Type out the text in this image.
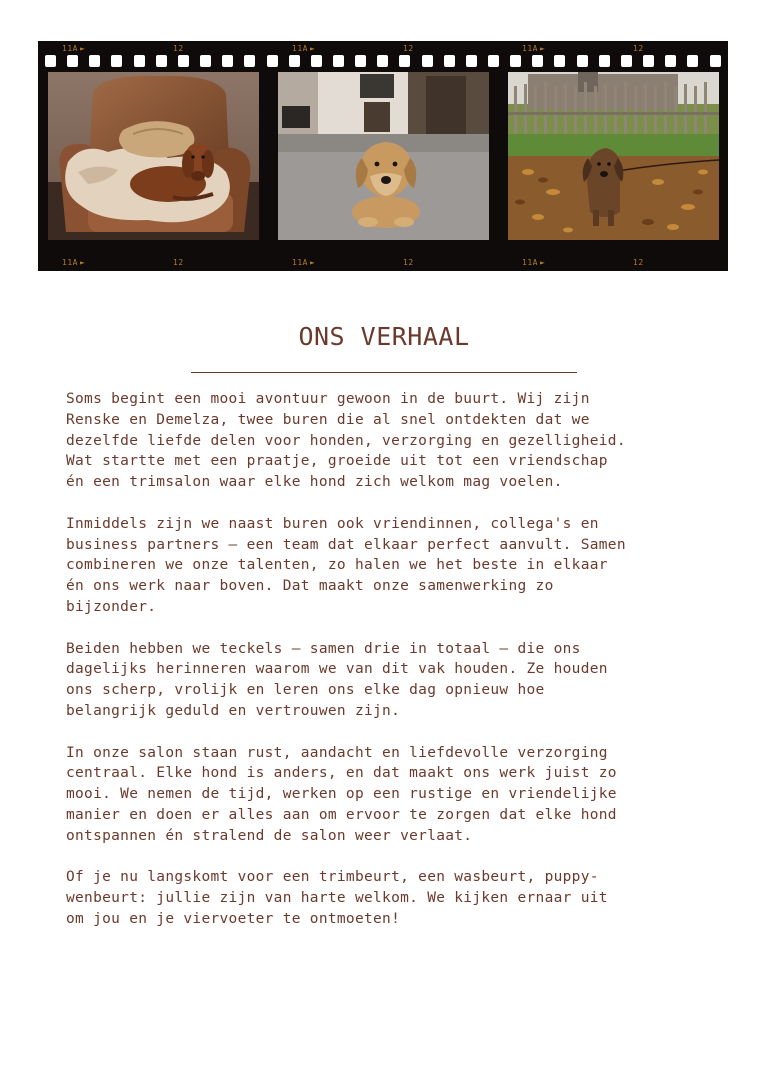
11A ►	12	11A ►	12	11A ►	12
11A ►	12	11A ►	12	11A ►	12
ONS VERHAAL

Soms begint een mooi avontuur gewoon in de buurt. Wij zijn
Renske en Demelza, twee buren die al snel ontdekten dat we
dezelfde liefde delen voor honden, verzorging en gezelligheid.
Wat startte met een praatje, groeide uit tot een vriendschap
én een trimsalon waar elke hond zich welkom mag voelen.

Inmiddels zijn we naast buren ook vriendinnen, collega's en
business partners – een team dat elkaar perfect aanvult. Samen
combineren we onze talenten, zo halen we het beste in elkaar
én ons werk naar boven. Dat maakt onze samenwerking zo
bijzonder.

Beiden hebben we teckels – samen drie in totaal – die ons
dagelijks herinneren waarom we van dit vak houden. Ze houden
ons scherp, vrolijk en leren ons elke dag opnieuw hoe
belangrijk geduld en vertrouwen zijn.

In onze salon staan rust, aandacht en liefdevolle verzorging
centraal. Elke hond is anders, en dat maakt ons werk juist zo
mooi. We nemen de tijd, werken op een rustige en vriendelijke
manier en doen er alles aan om ervoor te zorgen dat elke hond
ontspannen én stralend de salon weer verlaat.

Of je nu langskomt voor een trimbeurt, een wasbeurt, puppy-
wenbeurt: jullie zijn van harte welkom. We kijken ernaar uit
om jou en je viervoeter te ontmoeten!
